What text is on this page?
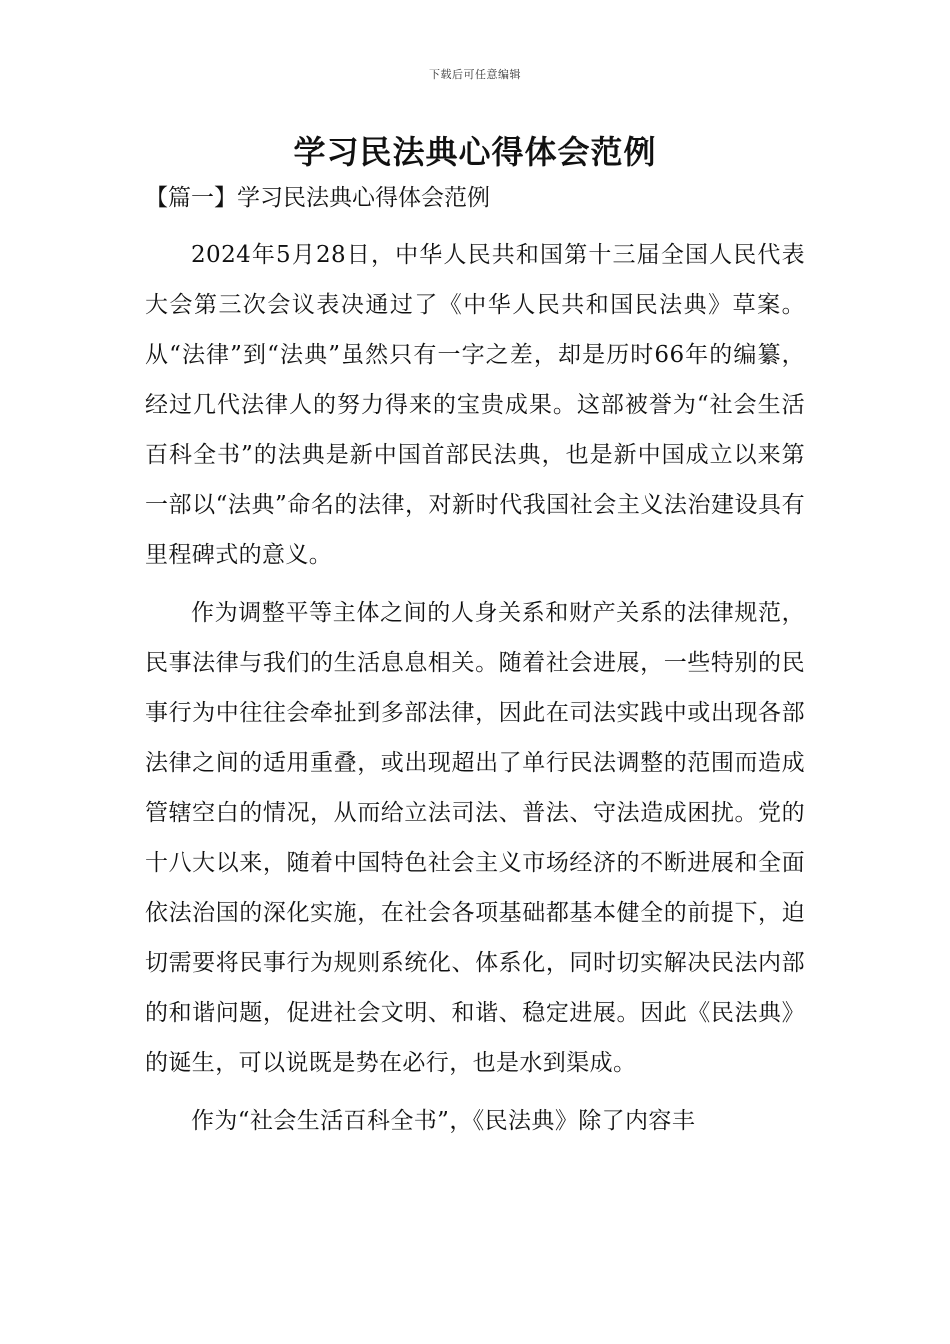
下载后可任意编辑
学习民法典心得体会范例
【篇一】学习民法典心得体会范例

2024年5月28日，中华人民共和国第十三届全国人民代表大会第三次会议表决通过了《中华人民共和国民法典》草案。从“法律”到“法典”虽然只有一字之差，却是历时66年的编纂，经过几代法律人的努力得来的宝贵成果。这部被誉为“社会生活百科全书”的法典是新中国首部民法典，也是新中国成立以来第一部以“法典”命名的法律，对新时代我国社会主义法治建设具有里程碑式的意义。

作为调整平等主体之间的人身关系和财产关系的法律规范，民事法律与我们的生活息息相关。随着社会进展，一些特别的民事行为中往往会牵扯到多部法律，因此在司法实践中或出现各部法律之间的适用重叠，或出现超出了单行民法调整的范围而造成管辖空白的情况，从而给立法司法、普法、守法造成困扰。党的十八大以来，随着中国特色社会主义市场经济的不断进展和全面依法治国的深化实施，在社会各项基础都基本健全的前提下，迫切需要将民事行为规则系统化、体系化，同时切实解决民法内部的和谐问题，促进社会文明、和谐、稳定进展。因此《民法典》的诞生，可以说既是势在必行，也是水到渠成。

作为“社会生活百科全书”，《民法典》除了内容丰
